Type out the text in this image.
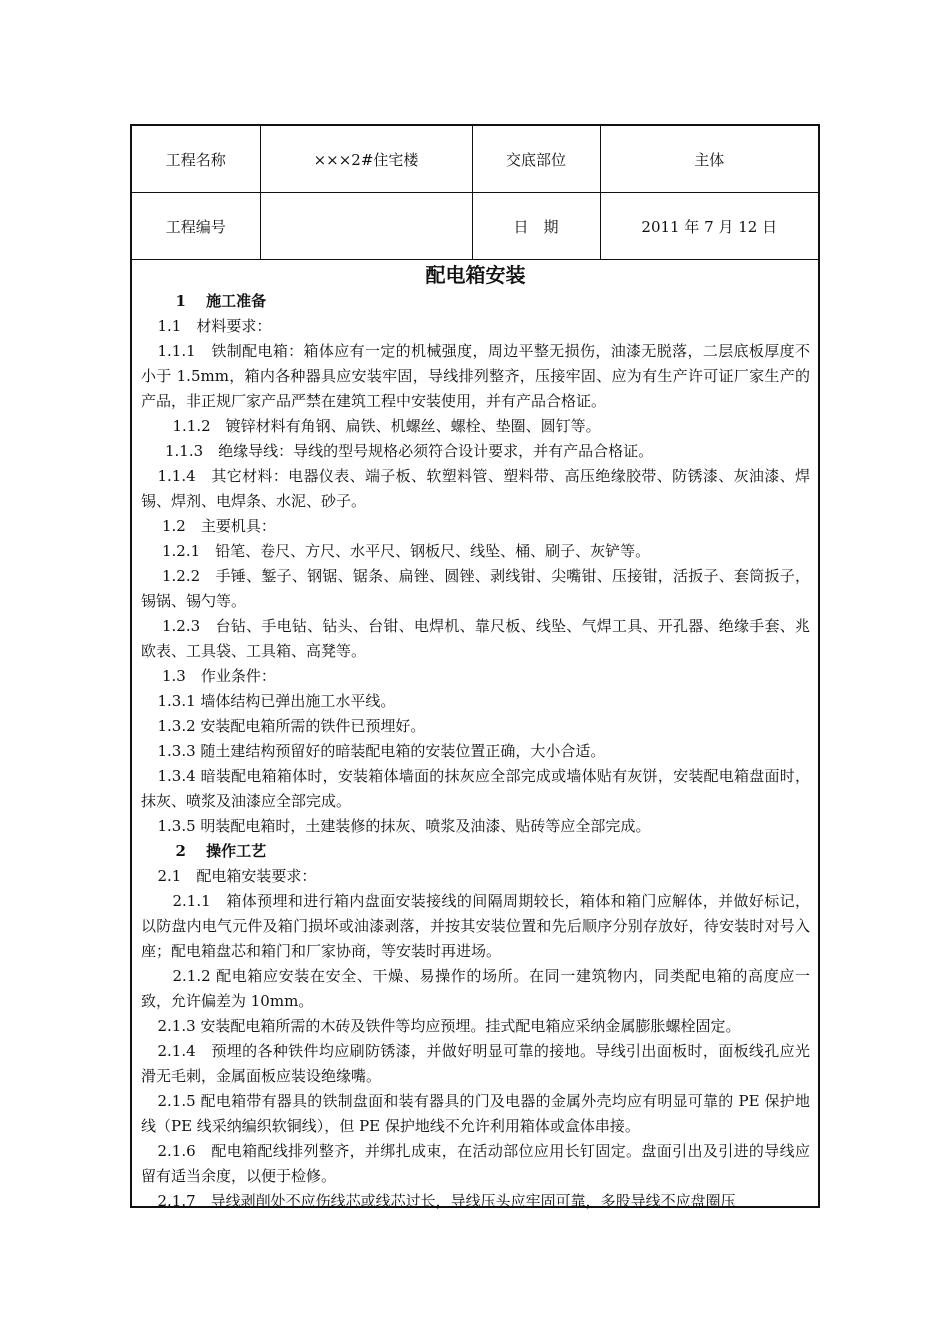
工程名称	×××2#住宅楼	交底部位	主体
工程编号		日　期	2011 年 7 月 12 日
配电箱安装

1　 施工准备

1.1　材料要求：

1.1.1　铁制配电箱：箱体应有一定的机械强度，周边平整无损伤，油漆无脱落，二层底板厚度不小于 1.5mm，箱内各种器具应安装牢固，导线排列整齐，压接牢固、应为有生产许可证厂家生产的产品，非正规厂家产品严禁在建筑工程中安装使用，并有产品合格证。

1.1.2　镀锌材料有角钢、扁铁、机螺丝、螺栓、垫圈、圆钉等。

1.1.3　绝缘导线：导线的型号规格必须符合设计要求，并有产品合格证。

1.1.4　其它材料：电器仪表、端子板、软塑料管、塑料带、高压绝缘胶带、防锈漆、灰油漆、焊锡、焊剂、电焊条、水泥、砂子。

1.2　主要机具：

1.2.1　铅笔、卷尺、方尺、水平尺、钢板尺、线坠、桶、刷子、灰铲等。

1.2.2　手锤、錾子、钢锯、锯条、扁锉、圆锉、剥线钳、尖嘴钳、压接钳，活扳子、套筒扳子，锡锅、锡勺等。

1.2.3　台钻、手电钻、钻头、台钳、电焊机、靠尺板、线坠、气焊工具、开孔器、绝缘手套、兆欧表、工具袋、工具箱、高凳等。

1.3　作业条件：

1.3.1 墙体结构已弹出施工水平线。

1.3.2 安装配电箱所需的铁件已预埋好。

1.3.3 随土建结构预留好的暗装配电箱的安装位置正确，大小合适。

1.3.4 暗装配电箱箱体时，安装箱体墙面的抹灰应全部完成或墙体贴有灰饼，安装配电箱盘面时，抹灰、喷浆及油漆应全部完成。

1.3.5 明装配电箱时，土建装修的抹灰、喷浆及油漆、贴砖等应全部完成。

2　 操作工艺

2.1　配电箱安装要求：

2.1.1　箱体预埋和进行箱内盘面安装接线的间隔周期较长，箱体和箱门应解体，并做好标记，以防盘内电气元件及箱门损坏或油漆剥落，并按其安装位置和先后顺序分别存放好，待安装时对号入座；配电箱盘芯和箱门和厂家协商，等安装时再进场。

2.1.2 配电箱应安装在安全、干燥、易操作的场所。在同一建筑物内，同类配电箱的高度应一致，允许偏差为 10mm。

2.1.3 安装配电箱所需的木砖及铁件等均应预埋。挂式配电箱应采纳金属膨胀螺栓固定。

2.1.4　预埋的各种铁件均应刷防锈漆，并做好明显可靠的接地。导线引出面板时，面板线孔应光滑无毛刺，金属面板应装设绝缘嘴。

2.1.5 配电箱带有器具的铁制盘面和装有器具的门及电器的金属外壳均应有明显可靠的 PE 保护地线（PE 线采纳编织软铜线），但 PE 保护地线不允许利用箱体或盒体串接。

2.1.6　配电箱配线排列整齐，并绑扎成束，在活动部位应用长钉固定。盘面引出及引进的导线应留有适当余度，以便于检修。

2.1.7　导线剥削处不应伤线芯或线芯过长，导线压头应牢固可靠，多股导线不应盘圈压
